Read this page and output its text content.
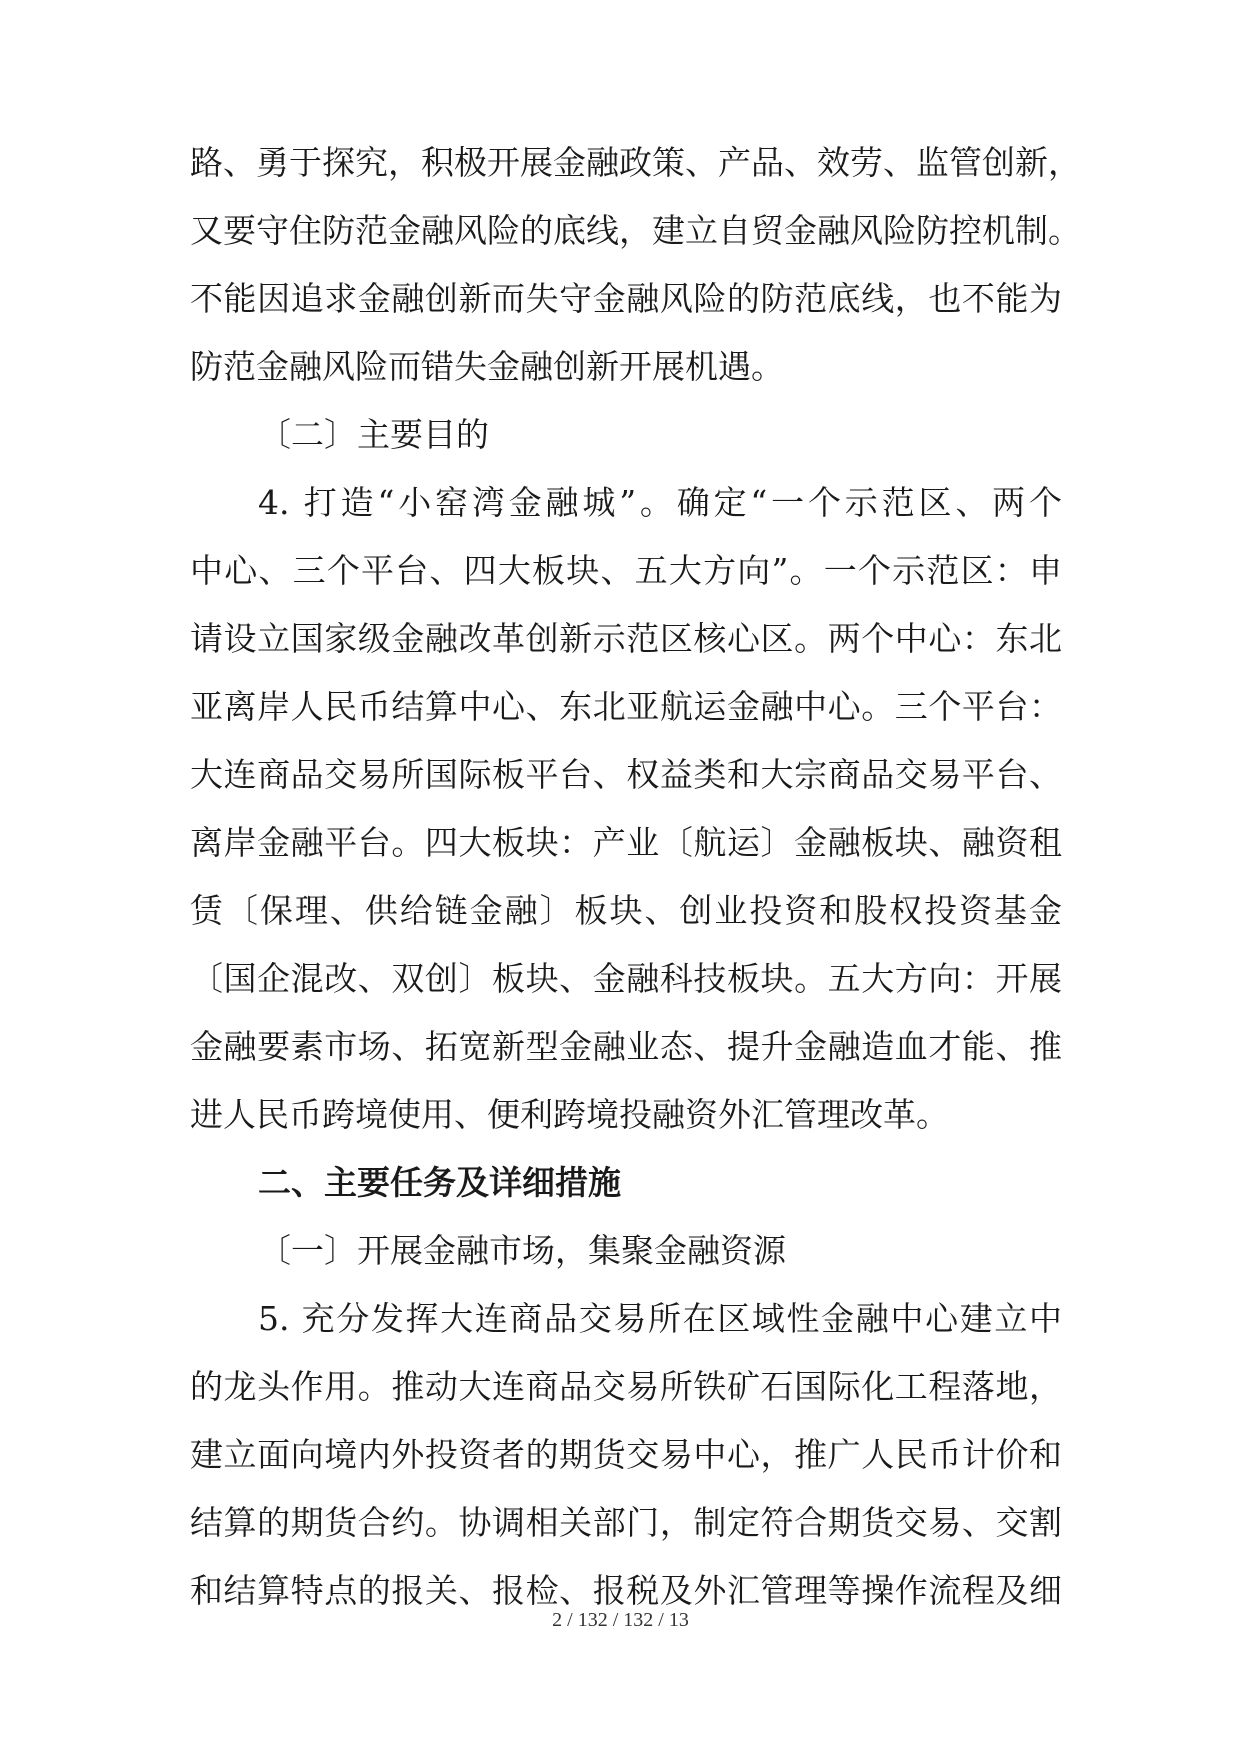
路、勇于探究，积极开展金融政策、产品、效劳、监管创新，
又要守住防范金融风险的底线，建立自贸金融风险防控机制。
不能因追求金融创新而失守金融风险的防范底线，也不能为
防范金融风险而错失金融创新开展机遇。
〔二〕主要目的
4. 打造“小窑湾金融城”。确定“一个示范区、两个
中心、三个平台、四大板块、五大方向”。一个示范区：申
请设立国家级金融改革创新示范区核心区。两个中心：东北
亚离岸人民币结算中心、东北亚航运金融中心。三个平台：
大连商品交易所国际板平台、权益类和大宗商品交易平台、
离岸金融平台。四大板块：产业〔航运〕金融板块、融资租
赁〔保理、供给链金融〕板块、创业投资和股权投资基金
〔国企混改、双创〕板块、金融科技板块。五大方向：开展
金融要素市场、拓宽新型金融业态、提升金融造血才能、推
进人民币跨境使用、便利跨境投融资外汇管理改革。
二、主要任务及详细措施
〔一〕开展金融市场，集聚金融资源
5. 充分发挥大连商品交易所在区域性金融中心建立中
的龙头作用。推动大连商品交易所铁矿石国际化工程落地，
建立面向境内外投资者的期货交易中心，推广人民币计价和
结算的期货合约。协调相关部门，制定符合期货交易、交割
和结算特点的报关、报检、报税及外汇管理等操作流程及细
2 / 132 / 132 / 13
